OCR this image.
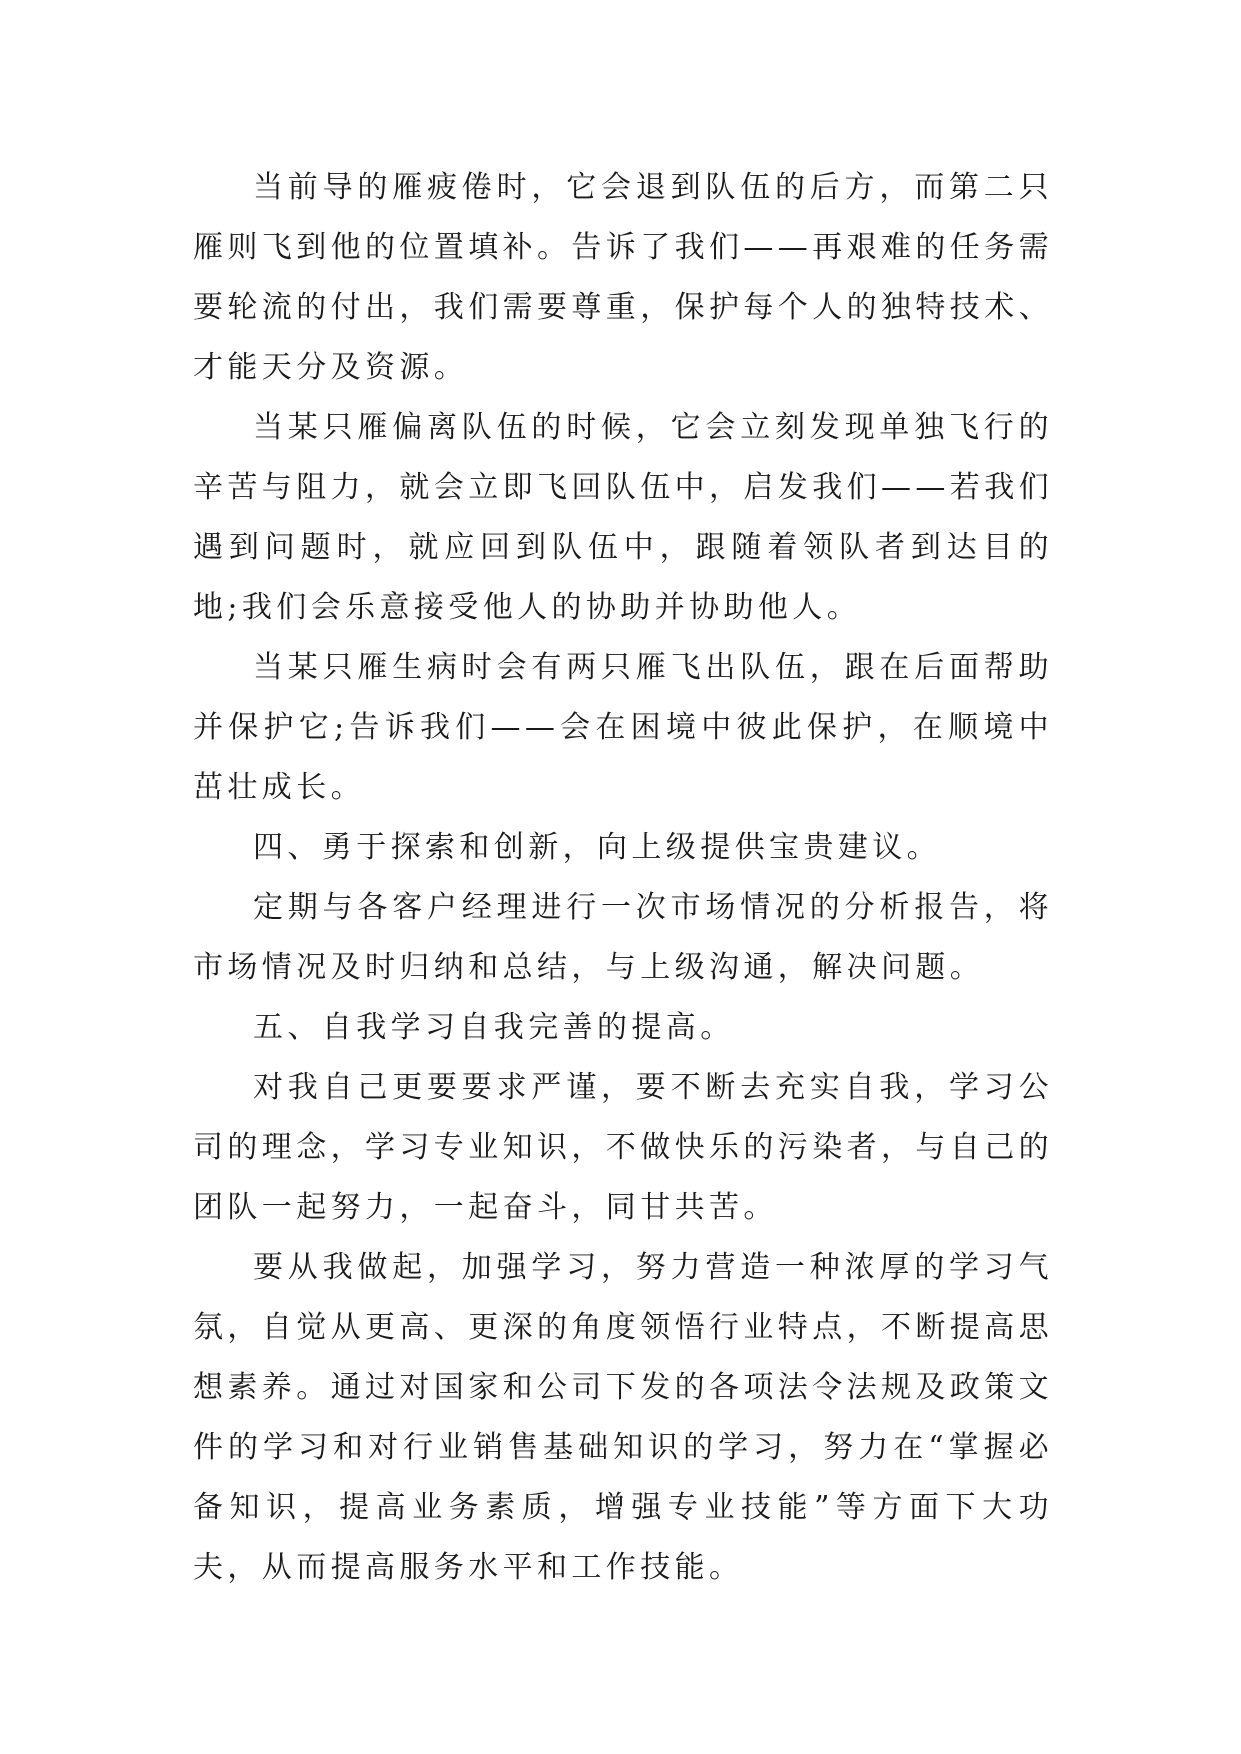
当前导的雁疲倦时，它会退到队伍的后方，而第二只雁则飞到他的位置填补。告诉了我们——再艰难的任务需要轮流的付出，我们需要尊重，保护每个人的独特技术、才能天分及资源。

当某只雁偏离队伍的时候，它会立刻发现单独飞行的辛苦与阻力，就会立即飞回队伍中，启发我们——若我们遇到问题时，就应回到队伍中，跟随着领队者到达目的地;我们会乐意接受他人的协助并协助他人。

当某只雁生病时会有两只雁飞出队伍，跟在后面帮助并保护它;告诉我们——会在困境中彼此保护，在顺境中茁壮成长。

四、勇于探索和创新，向上级提供宝贵建议。

定期与各客户经理进行一次市场情况的分析报告，将市场情况及时归纳和总结，与上级沟通，解决问题。

五、自我学习自我完善的提高。

对我自己更要要求严谨，要不断去充实自我，学习公司的理念，学习专业知识，不做快乐的污染者，与自己的团队一起努力，一起奋斗，同甘共苦。

要从我做起，加强学习，努力营造一种浓厚的学习气氛，自觉从更高、更深的角度领悟行业特点，不断提高思想素养。通过对国家和公司下发的各项法令法规及政策文件的学习和对行业销售基础知识的学习，努力在“掌握必备知识，提高业务素质，增强专业技能”等方面下大功夫，从而提高服务水平和工作技能。
